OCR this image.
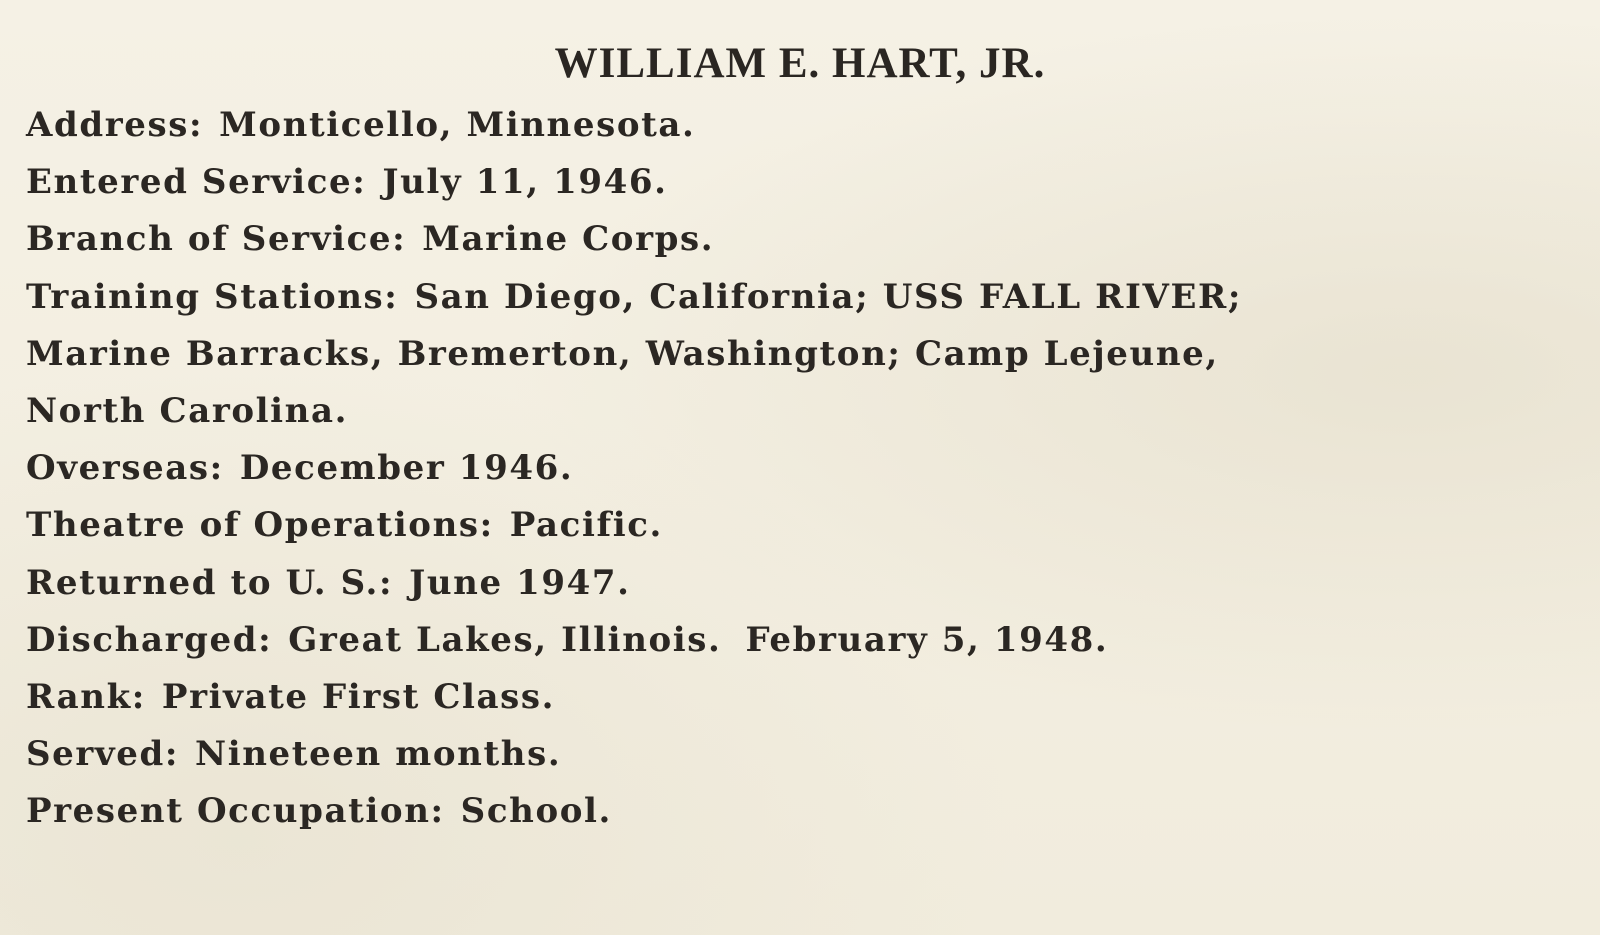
WILLIAM E. HART, JR.
Address: Monticello, Minnesota.
Entered Service: July 11, 1946.
Branch of Service: Marine Corps.
Training Stations: San Diego, California; USS FALL RIVER;
Marine Barracks, Bremerton, Washington; Camp Lejeune,
North Carolina.
Overseas: December 1946.
Theatre of Operations: Pacific.
Returned to U. S.: June 1947.
Discharged: Great Lakes, Illinois. February 5, 1948.
Rank: Private First Class.
Served: Nineteen months.
Present Occupation: School.
